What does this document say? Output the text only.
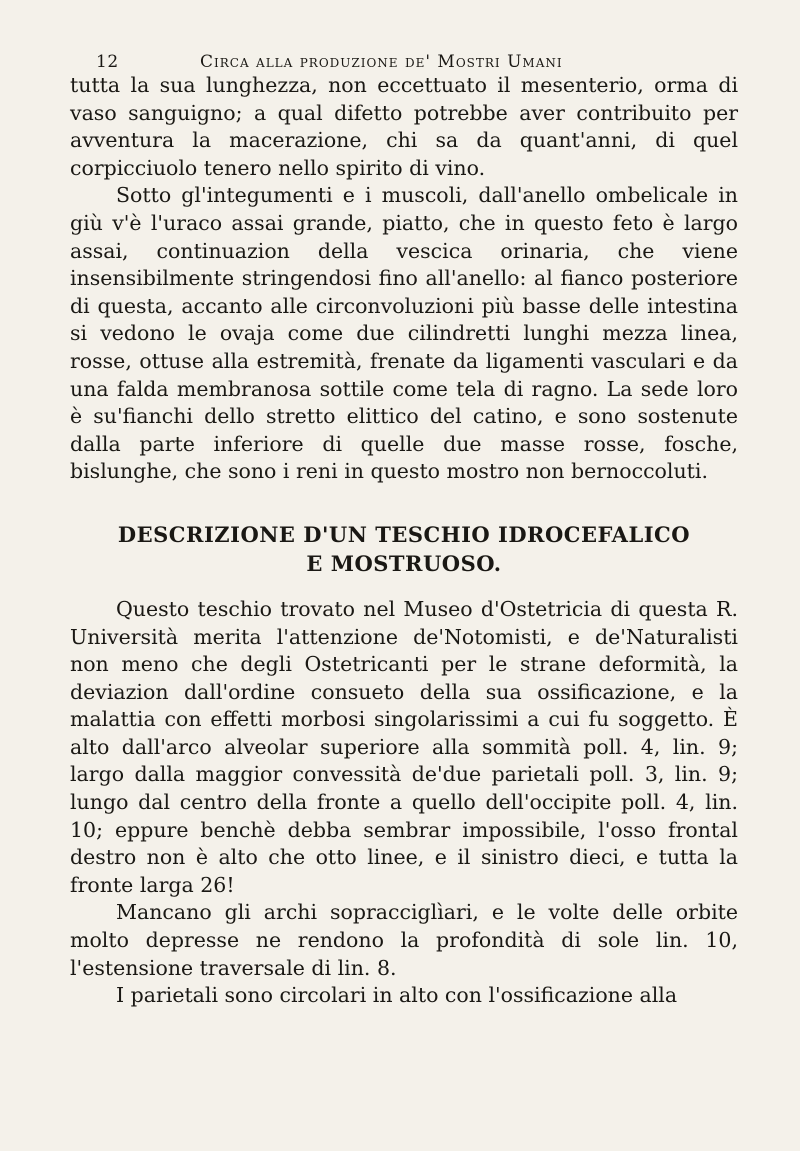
12	Circa alla produzione de' Mostri Umani

tutta la sua lunghezza, non eccettuato il mesenterio, orma di vaso sanguigno; a qual difetto potrebbe aver contribuito per avventura la macerazione, chi sa da quant'anni, di quel corpicciuolo tenero nello spirito di vino.

Sotto gl'integumenti e i muscoli, dall'anello ombelicale in giù v'è l'uraco assai grande, piatto, che in questo feto è largo assai, continuazion della vescica orinaria, che viene insensibilmente stringendosi fino all'anello: al fianco posteriore di questa, accanto alle circonvoluzioni più basse delle intestina si vedono le ovaja come due cilindretti lunghi mezza linea, rosse, ottuse alla estremità, frenate da ligamenti vasculari e da una falda membranosa sottile come tela di ragno. La sede loro è su'fianchi dello stretto elittico del catino, e sono sostenute dalla parte inferiore di quelle due masse rosse, fosche, bislunghe, che sono i reni in questo mostro non bernoccoluti.

DESCRIZIONE D'UN TESCHIO IDROCEFALICO
E MOSTRUOSO.

Questo teschio trovato nel Museo d'Ostetricia di questa R. Università merita l'attenzione de'Notomisti, e de'Naturalisti non meno che degli Ostetricanti per le strane deformità, la deviazion dall'ordine consueto della sua ossificazione, e la malattia con effetti morbosi singolarissimi a cui fu soggetto. È alto dall'arco alveolar superiore alla sommità poll. 4, lin. 9; largo dalla maggior convessità de'due parietali poll. 3, lin. 9; lungo dal centro della fronte a quello dell'occipite poll. 4, lin. 10; eppure benchè debba sembrar impossibile, l'osso frontal destro non è alto che otto linee, e il sinistro dieci, e tutta la fronte larga 26!

Mancano gli archi sopracciglìari, e le volte delle orbite molto depresse ne rendono la profondità di sole lin. 10, l'estensione traversale di lin. 8.

I parietali sono circolari in alto con l'ossificazione alla
